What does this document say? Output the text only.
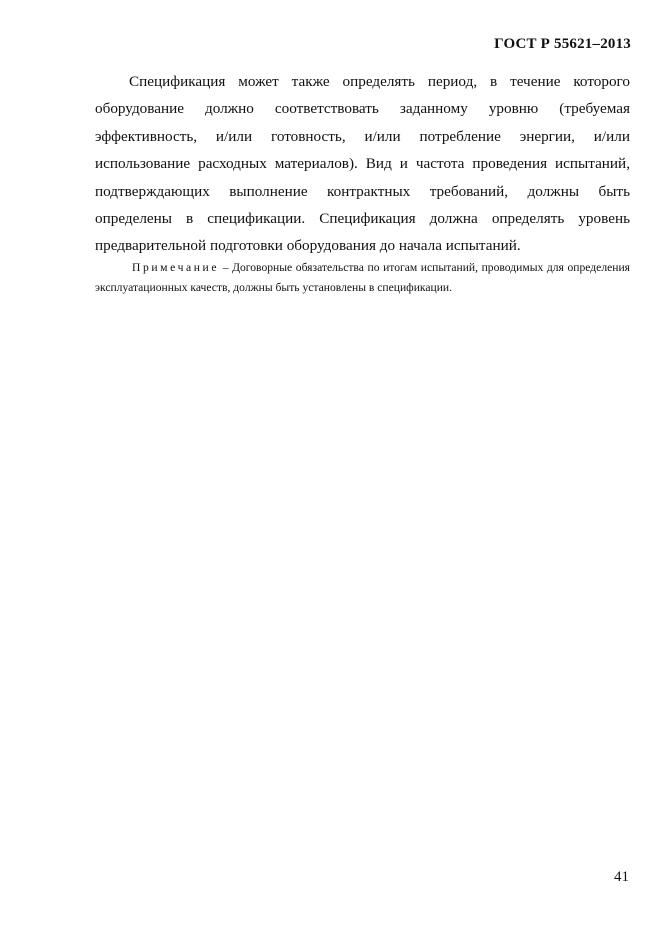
ГОСТ Р 55621–2013

Спецификация может также определять период, в течение которого оборудование должно соответствовать заданному уровню (требуемая эффективность, и/или готовность, и/или потребление энергии, и/или использование расходных материалов). Вид и частота проведения испытаний, подтверждающих выполнение контрактных требований, должны быть определены в спецификации. Спецификация должна определять уровень предварительной подготовки оборудования до начала испытаний.

Примечание – Договорные обязательства по итогам испытаний, проводимых для определения эксплуатационных качеств, должны быть установлены в спецификации.

41
